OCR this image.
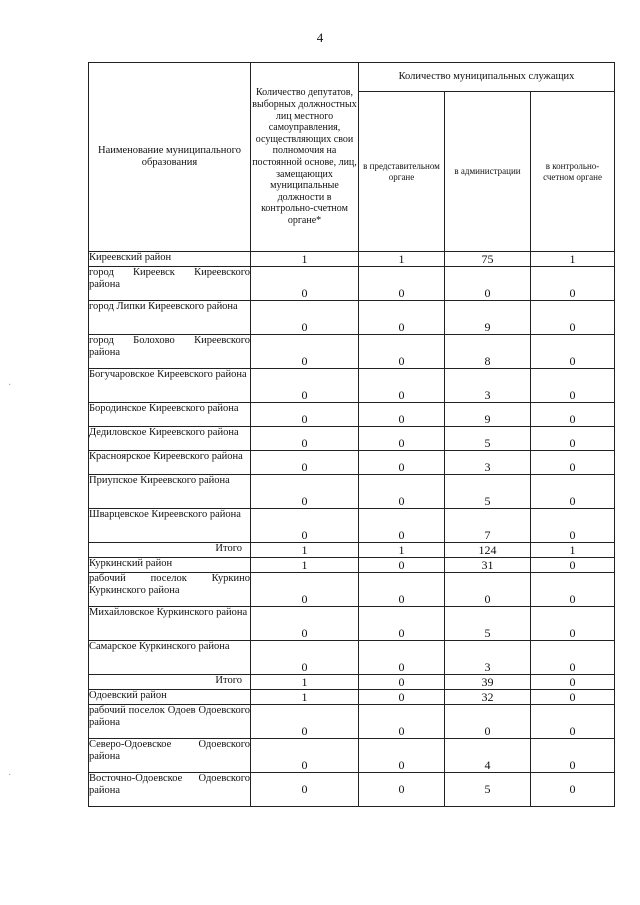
4
Наименование муниципального образования	Количество депутатов, выборных должностных лиц местного самоуправления, осуществляющих свои полномочия на постоянной основе, лиц, замещающих муниципальные должности в контрольно-счетном органе*	Количество муниципальных служащих		
		в представительном органе	в администрации	в контрольно-счетном органе
Киреевский район	1	1	75	1
город Киреевск Киреевского района	0	0	0	0
город Липки Киреевского района	0	0	9	0
город Болохово Киреевского района	0	0	8	0
Богучаровское Киреевского района	0	0	3	0
Бородинское Киреевского района	0	0	9	0
Дедиловское Киреевского района	0	0	5	0
Красноярское Киреевского района	0	0	3	0
Приупское Киреевского района	0	0	5	0
Шварцевское Киреевского района	0	0	7	0
Итого	1	1	124	1
Куркинский район	1	0	31	0
рабочий поселок Куркино Куркинского района	0	0	0	0
Михайловское Куркинского района	0	0	5	0
Самарское Куркинского района	0	0	3	0
Итого	1	0	39	0
Одоевский район	1	0	32	0
рабочий поселок Одоев Одоевского района	0	0	0	0
Северо-Одоевское Одоевского района	0	0	4	0
Восточно-Одоевское Одоевского района	0	0	5	0
·
·
